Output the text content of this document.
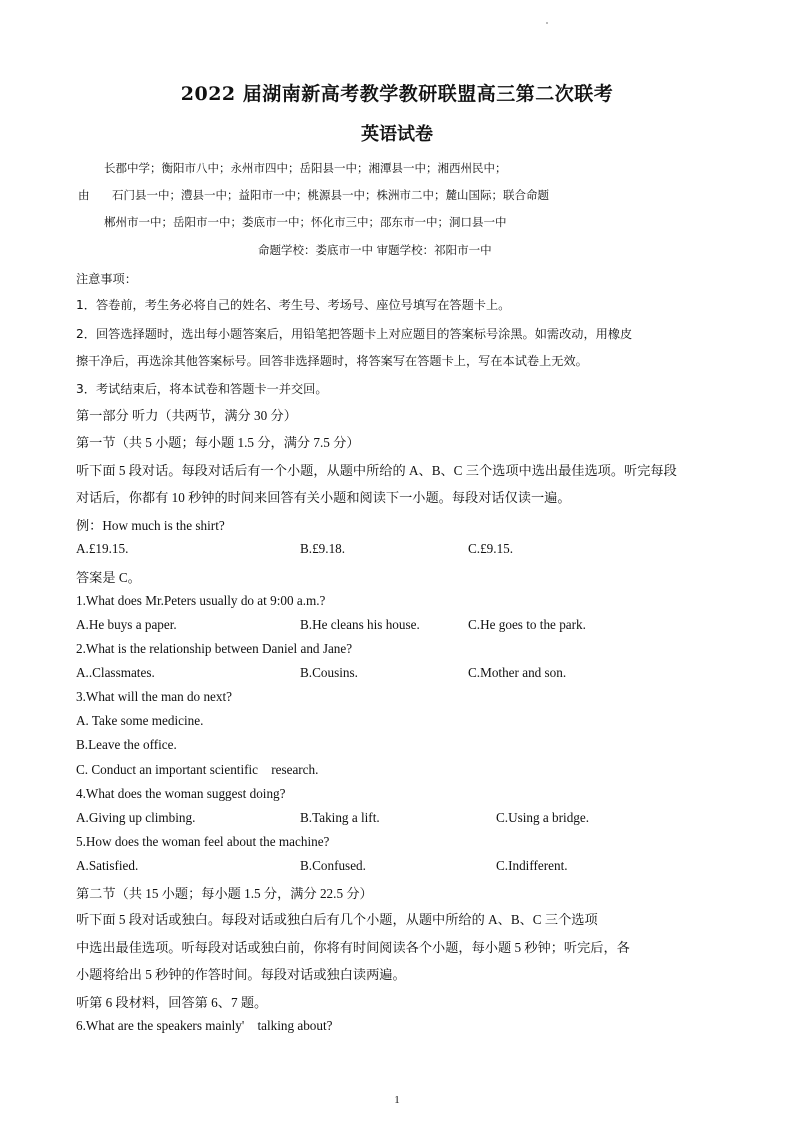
2022 届湖南新高考教学教研联盟高三第二次联考
英语试卷
长郡中学；衡阳市八中；永州市四中；岳阳县一中；湘潭县一中；湘西州民中；
由 石门县一中；澧县一中；益阳市一中；桃源县一中；株洲市二中；麓山国际；联合命题
郴州市一中；岳阳市一中；娄底市一中；怀化市三中；邵东市一中；洞口县一中
命题学校：娄底市一中 审题学校：祁阳市一中
注意事项：
1．答卷前，考生务必将自己的姓名、考生号、考场号、座位号填写在答题卡上。
2．回答选择题时，选出每小题答案后，用铅笔把答题卡上对应题目的答案标号涂黑。如需改动，用橡皮
擦干净后，再选涂其他答案标号。回答非选择题时，将答案写在答题卡上，写在本试卷上无效。
3．考试结束后，将本试卷和答题卡一并交回。
第一部分 听力（共两节，满分 30 分）
第一节（共 5 小题；每小题 1.5 分，满分 7.5 分）
听下面 5 段对话。每段对话后有一个小题，从题中所给的 A、B、C 三个选项中选出最佳选项。听完每段
对话后，你都有 10 秒钟的时间来回答有关小题和阅读下一小题。每段对话仅读一遍。
例：How much is the shirt?
A.£19.15.	B.£9.18.	C.£9.15.
答案是 C。
1.What does Mr.Peters usually do at 9:00 a.m.?
A.He buys a paper.	B.He cleans his house.	C.He goes to the park.
2.What is the relationship between Daniel and Jane?
A..Classmates.	B.Cousins.	C.Mother and son.
3.What will the man do next?
A. Take some medicine.
B.Leave the office.
C. Conduct an important scientific    research.
4.What does the woman suggest doing?
A.Giving up climbing.	B.Taking a lift.	C.Using a bridge.
5.How does the woman feel about the machine?
A.Satisfied.	B.Confused.	C.Indifferent.
第二节（共 15 小题；每小题 1.5 分，满分 22.5 分）
听下面 5 段对话或独白。每段对话或独白后有几个小题，从题中所给的 A、B、C 三个选项
中选出最佳选项。听每段对话或独白前，你将有时间阅读各个小题，每小题 5 秒钟；听完后，各
小题将给出 5 秒钟的作答时间。每段对话或独白读两遍。
听第 6 段材料，回答第 6、7 题。
6.What are the speakers mainly'    talking about?
1
